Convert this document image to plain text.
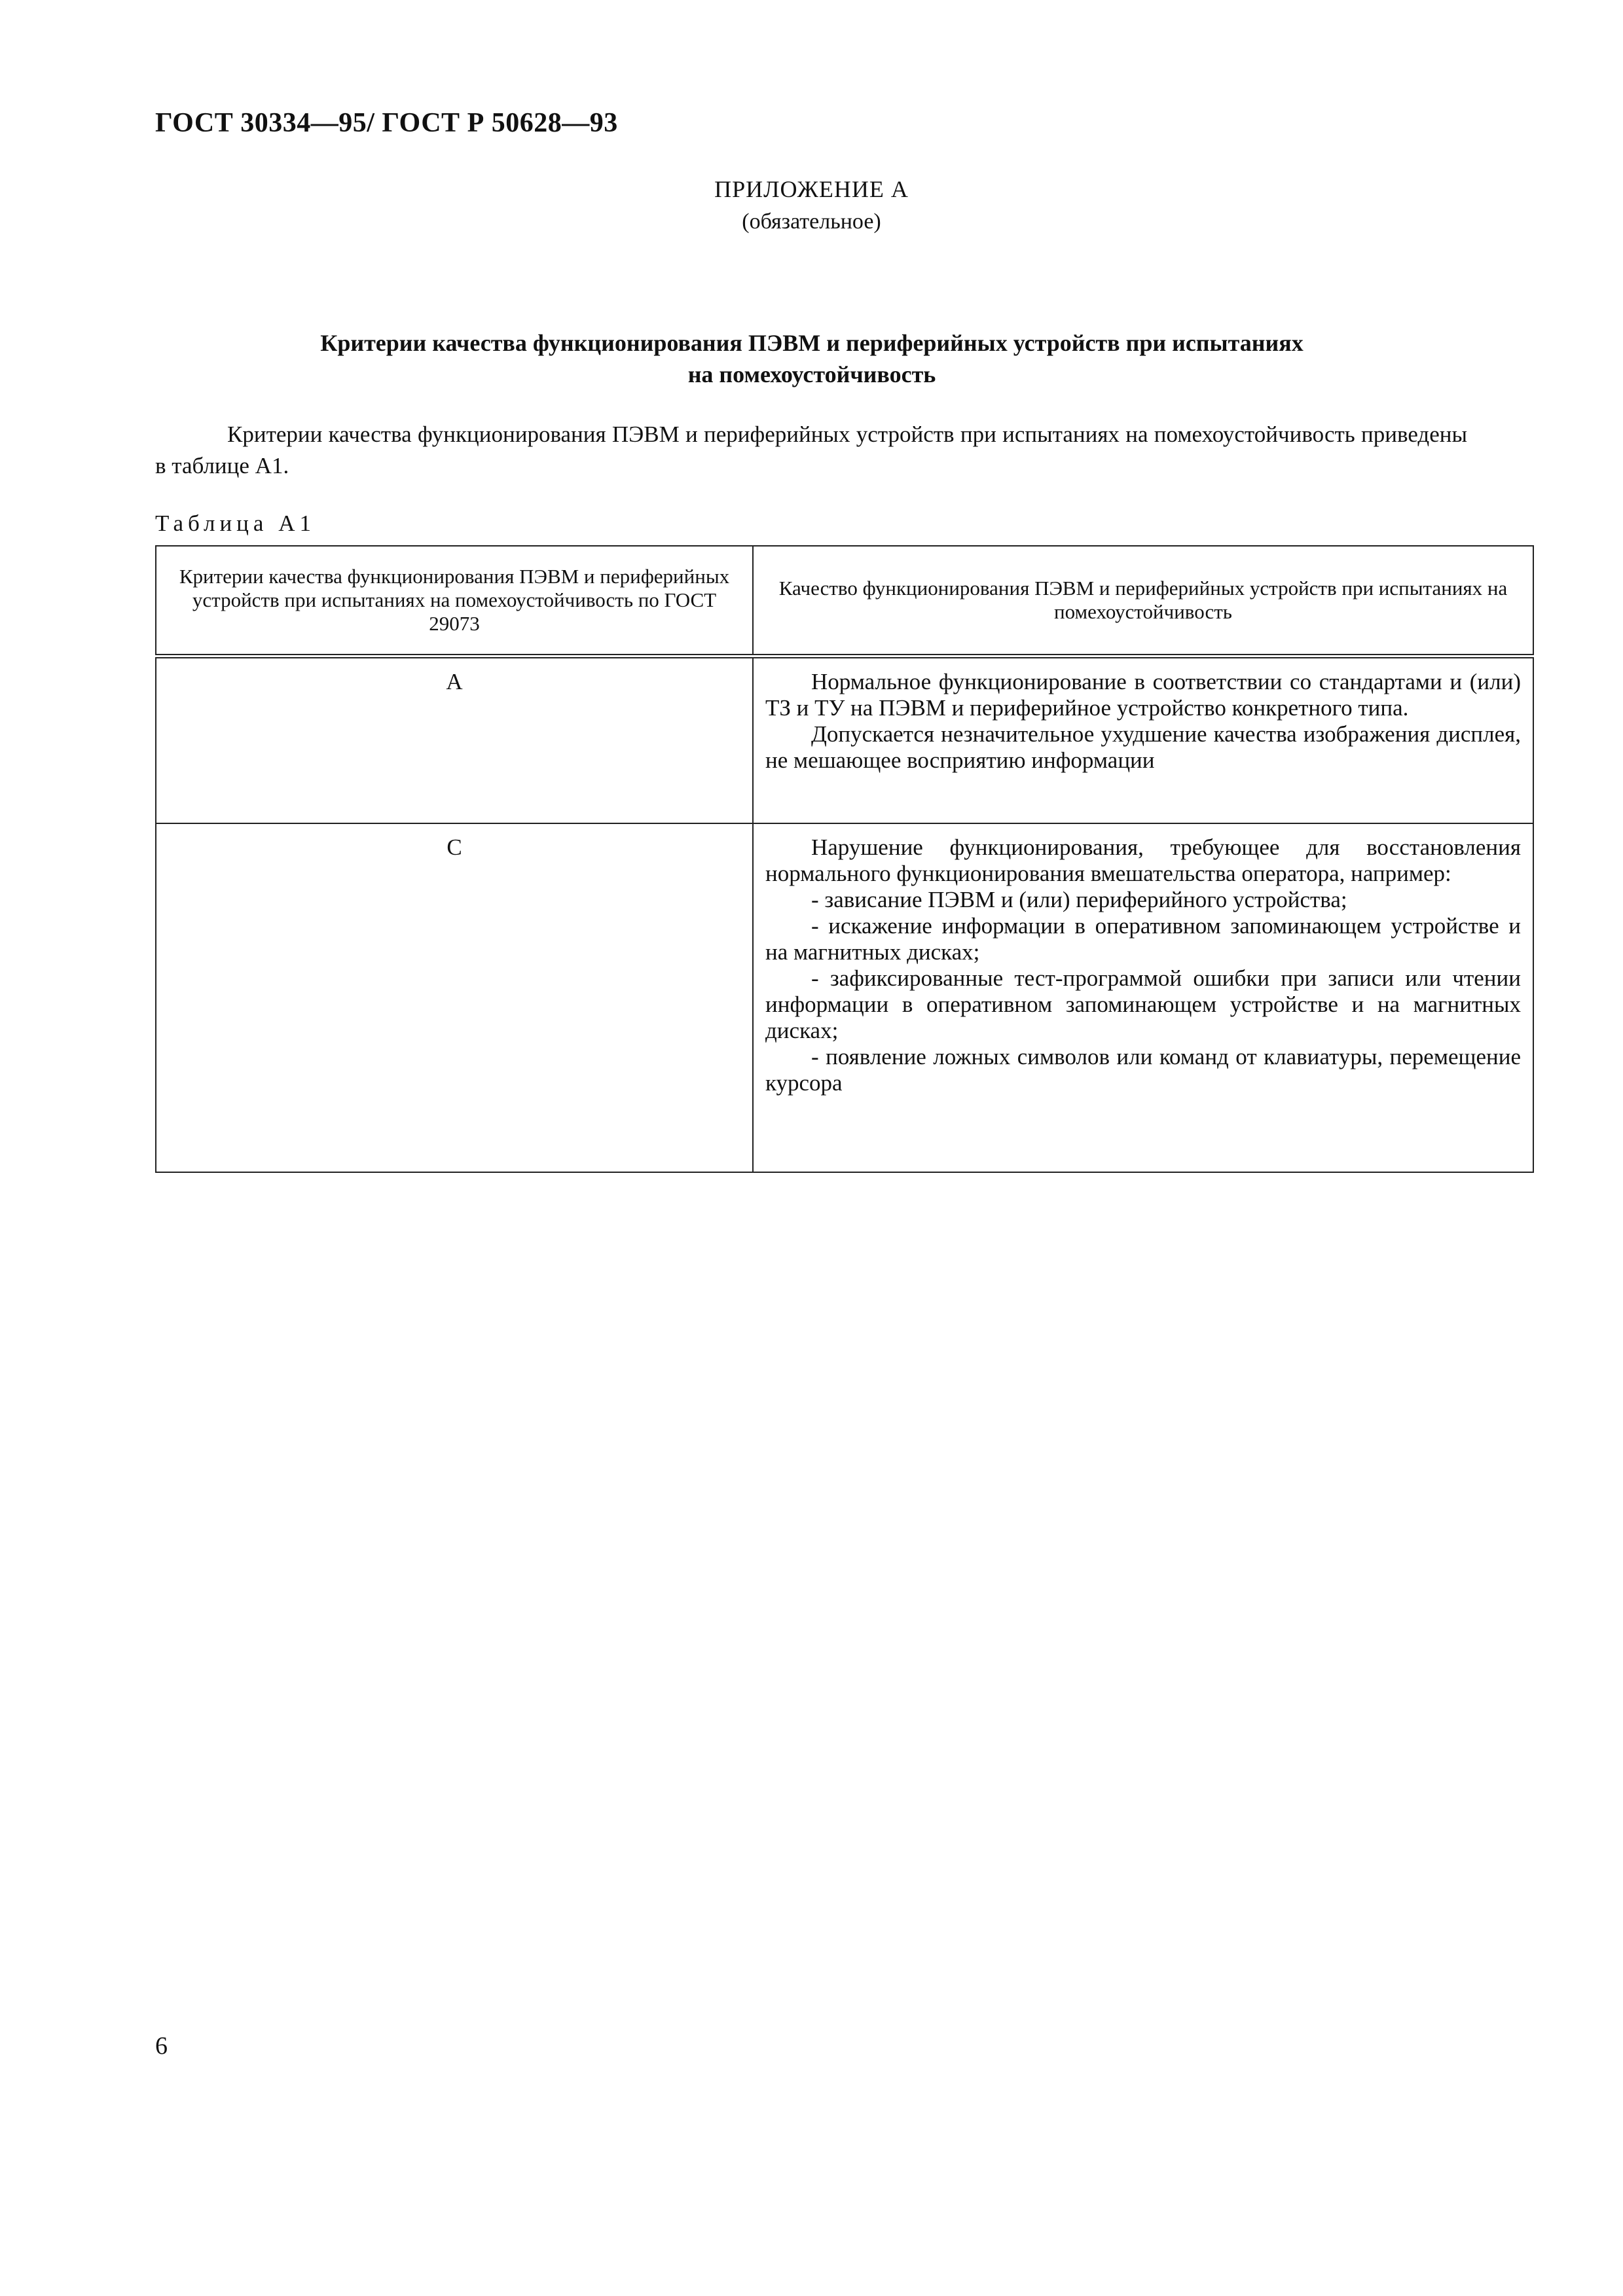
ГОСТ 30334—95/ ГОСТ Р 50628—93
ПРИЛОЖЕНИЕ А
(обязательное)
Критерии качества функционирования ПЭВМ и периферийных устройств при испытаниях
на помехоустойчивость
Критерии качества функционирования ПЭВМ и периферийных устройств при испытаниях на помехоустойчивость приведены в таблице А1.
Таблица А1
Критерии качества функционирования ПЭВМ и периферийных устройств при испытаниях на помехоустойчивость по ГОСТ 29073	Качество функционирования ПЭВМ и периферийных устройств при испытаниях на помехоустойчивость
А	Нормальное функционирование в соответствии со стандартами и (или) ТЗ и ТУ на ПЭВМ и периферийное устройство конкретного типа.

Допускается незначительное ухудшение качества изображения дисплея, не мешающее восприятию информации

С	Нарушение функционирования, требующее для восстановления нормального функционирования вмешательства оператора, например:

- зависание ПЭВМ и (или) периферийного устройства;

- искажение информации в оперативном запоминающем устройстве и на магнитных дисках;

- зафиксированные тест-программой ошибки при записи или чтении информации в оперативном запоминающем устройстве и на магнитных дисках;

- появление ложных символов или команд от клавиатуры, перемещение курсора

6
